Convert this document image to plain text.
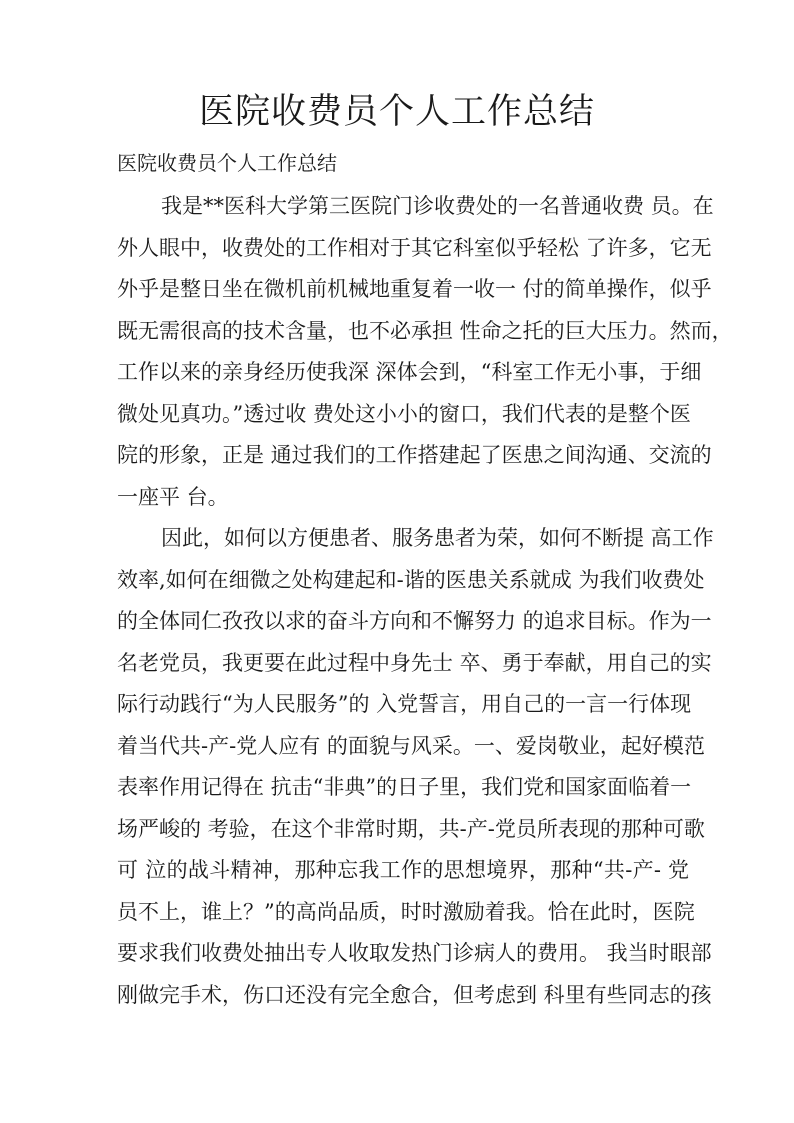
医院收费员个人工作总结

医院收费员个人工作总结

我是**医科大学第三医院门诊收费处的一名普通收费 员。在
外人眼中，收费处的工作相对于其它科室似乎轻松 了许多，它无
外乎是整日坐在微机前机械地重复着一收一 付的简单操作，似乎
既无需很高的技术含量，也不必承担 性命之托的巨大压力。然而，
工作以来的亲身经历使我深 深体会到，“科室工作无小事，于细
微处见真功。”透过收 费处这小小的窗口，我们代表的是整个医
院的形象，正是 通过我们的工作搭建起了医患之间沟通、交流的
一座平 台。
因此，如何以方便患者、服务患者为荣，如何不断提 高工作
效率,如何在细微之处构建起和-谐的医患关系就成 为我们收费处
的全体同仁孜孜以求的奋斗方向和不懈努力 的追求目标。作为一
名老党员，我更要在此过程中身先士 卒、勇于奉献，用自己的实
际行动践行“为人民服务”的 入党誓言，用自己的一言一行体现
着当代共-产-党人应有 的面貌与风采。一、爱岗敬业，起好模范
表率作用记得在 抗击“非典”的日子里，我们党和国家面临着一
场严峻的 考验，在这个非常时期，共-产-党员所表现的那种可歌
可 泣的战斗精神，那种忘我工作的思想境界，那种“共-产- 党
员不上，谁上？”的高尚品质，时时激励着我。恰在此时，医院
要求我们收费处抽出专人收取发热门诊病人的费用。 我当时眼部
刚做完手术，伤口还没有完全愈合，但考虑到 科里有些同志的孩
